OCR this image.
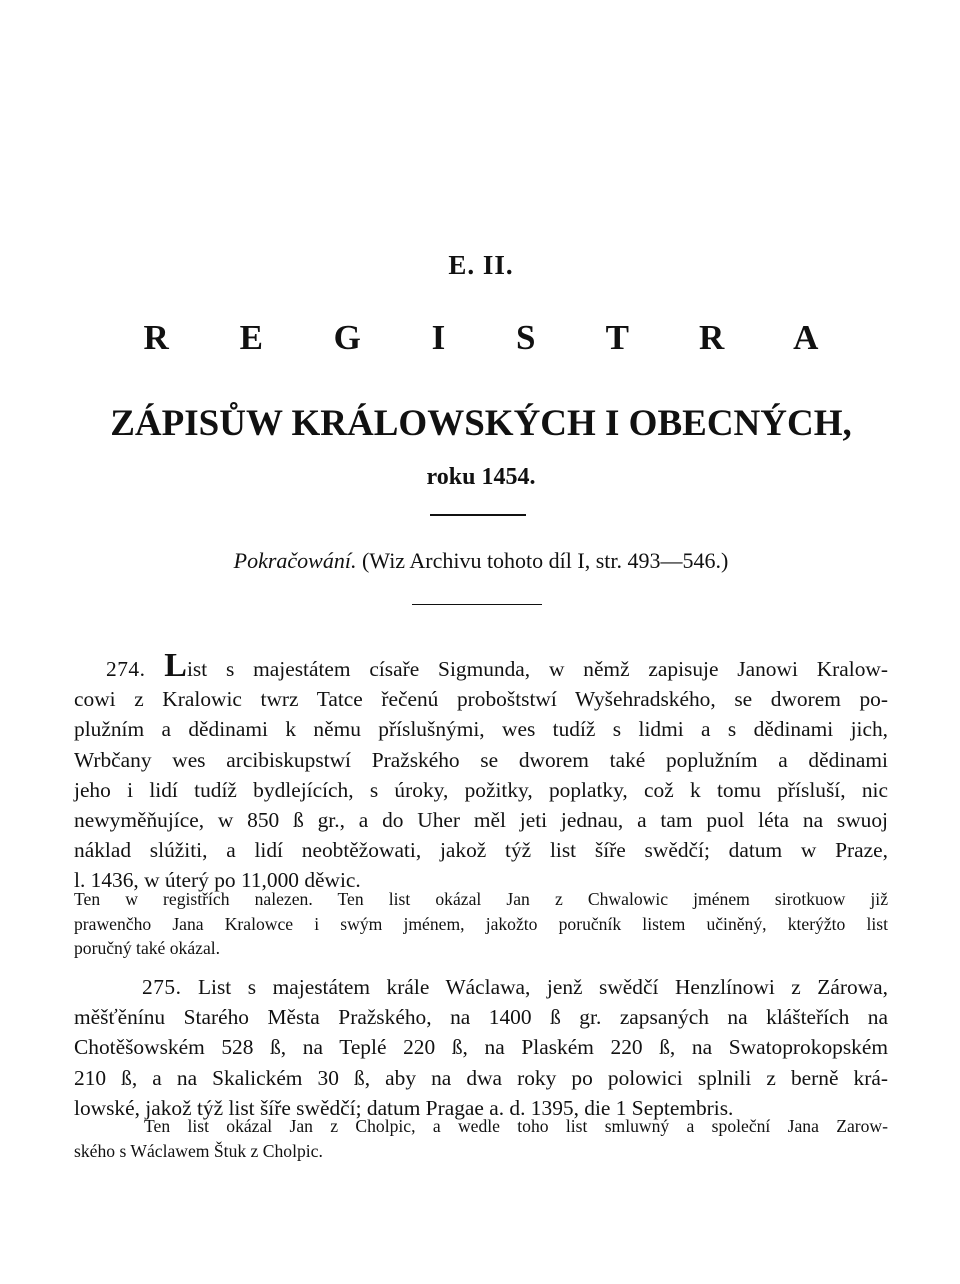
E. II.
R E G I S T R A
ZÁPISŮW KRÁLOWSKÝCH I OBECNÝCH,
roku 1454.
Pokračowání. (Wiz Archivu tohoto díl I, str. 493—546.)
274. List s majestátem císaře Sigmunda, w němž zapisuje Janowi Kralow-
cowi z Kralowic twrz Tatce řečenú proboštstwí Wyšehradského, se dworem po-
plužním a dědinami k němu příslušnými, wes tudíž s lidmi a s dědinami jich,
Wrbčany wes arcibiskupstwí Pražského se dworem také poplužním a dědinami
jeho i lidí tudíž bydlejících, s úroky, požitky, poplatky, což k tomu přísluší, nic
newyměňujíce, w 850 ß gr., a do Uher měl jeti jednau, a tam puol léta na swuoj
náklad slúžiti, a lidí neobtěžowati, jakož týž list šíře swědčí; datum w Praze,
l. 1436, w úterý po 11,000 děwic.
Ten w registřích nalezen. Ten list okázal Jan z Chwalowic jménem sirotkuow již
prawenčho Jana Kralowce i swým jménem, jakožto poručník listem učiněný, kterýžto list
poručný také okázal.
275. List s majestátem krále Wáclawa, jenž swědčí Henzlínowi z Zárowa,
měšťěnínu Starého Města Pražského, na 1400 ß gr. zapsaných na klášteřích na
Chotěšowském 528 ß, na Teplé 220 ß, na Plaském 220 ß, na Swatoprokopském
210 ß, a na Skalickém 30 ß, aby na dwa roky po polowici splnili z berně krá-
lowské, jakož týž list šíře swědčí; datum Pragae a. d. 1395, die 1 Septembris.
Ten list okázal Jan z Cholpic, a wedle toho list smluwný a společní Jana Zarow-
ského s Wáclawem Štuk z Cholpic.
